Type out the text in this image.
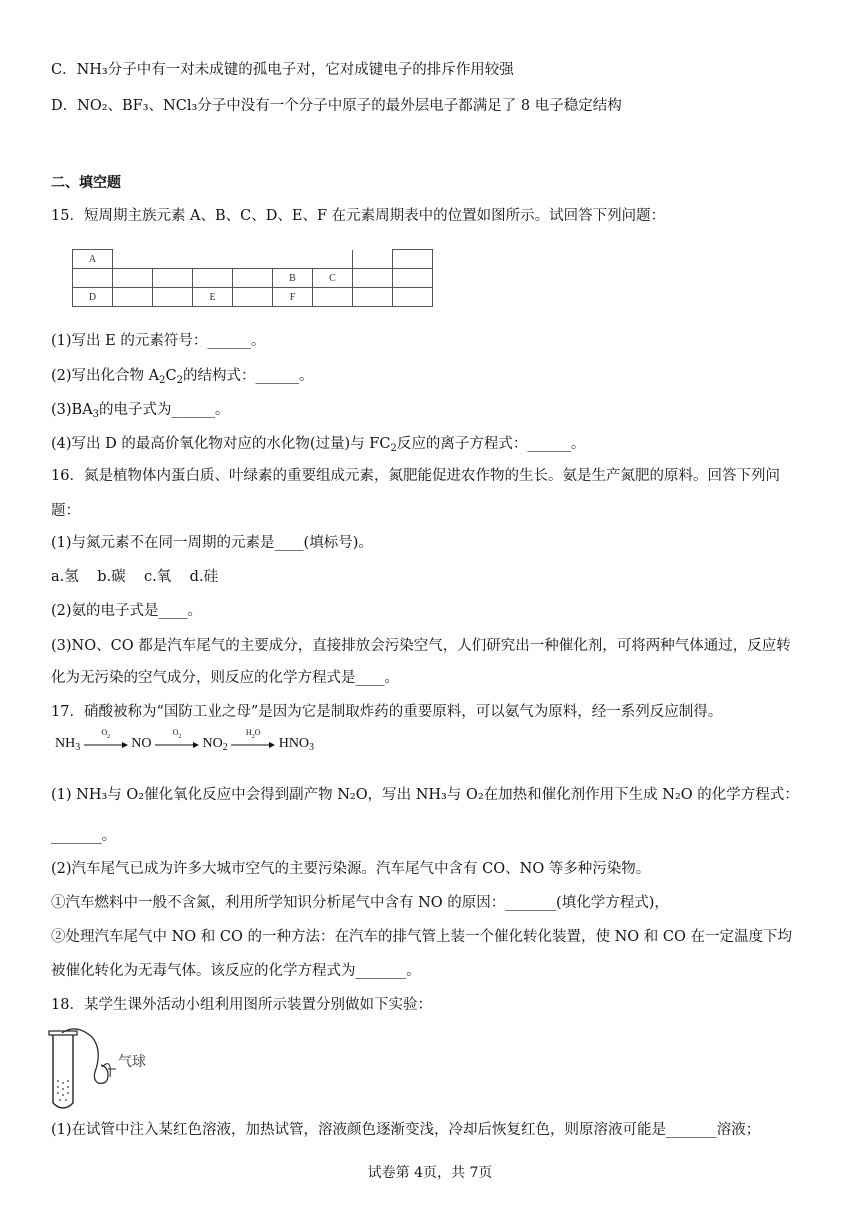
C．NH₃分子中有一对未成键的孤电子对，它对成键电子的排斥作用较强
D．NO₂、BF₃、NCl₃分子中没有一个分子中原子的最外层电子都满足了 8 电子稳定结构
二、填空题
15．短周期主族元素 A、B、C、D、E、F 在元素周期表中的位置如图所示。试回答下列问题：
A								
					B	C		
D			E		F			
(1)写出 E 的元素符号：______。
(2)写出化合物 $A_2C_2$的结构式：______。
$(3)BA_3$的电子式为______。
(4)写出 D 的最高价氧化物对应的水化物(过量)与 $FC_2$反应的离子方程式：______。
16．氮是植物体内蛋白质、叶绿素的重要组成元素，氮肥能促进农作物的生长。氨是生产氮肥的原料。回答下列问
题：
(1)与氮元素不在同一周期的元素是____(填标号)。
a.氢    b.碳    c.氧    d.硅
(2)氨的电子式是____。
(3)NO、CO 都是汽车尾气的主要成分，直接排放会污染空气，人们研究出一种催化剂，可将两种气体通过，反应转
化为无污染的空气成分，则反应的化学方程式是____。
17．硝酸被称为“国防工业之母”是因为它是制取炸药的重要原料，可以氨气为原料，经一系列反应制得。
$NH_3$
$O_2$	NO
$O_2$	$NO_2$
$H_2O$
$HNO_3$
(1) NH₃与 O₂催化氧化反应中会得到副产物 N₂O，写出 NH₃与 O₂在加热和催化剂作用下生成 N₂O 的化学方程式：
_______。
(2)汽车尾气已成为许多大城市空气的主要污染源。汽车尾气中含有 CO、NO 等多种污染物。
①汽车燃料中一般不含氮，利用所学知识分析尾气中含有 NO 的原因：_______(填化学方程式)，
②处理汽车尾气中 NO 和 CO 的一种方法：在汽车的排气管上装一个催化转化装置，使 NO 和 CO 在一定温度下均
被催化转化为无毒气体。该反应的化学方程式为_______。
18．某学生课外活动小组利用图所示装置分别做如下实验：
气球
(1)在试管中注入某红色溶液，加热试管，溶液颜色逐渐变浅，冷却后恢复红色，则原溶液可能是_______溶液；
试卷第 4页，共 7页
